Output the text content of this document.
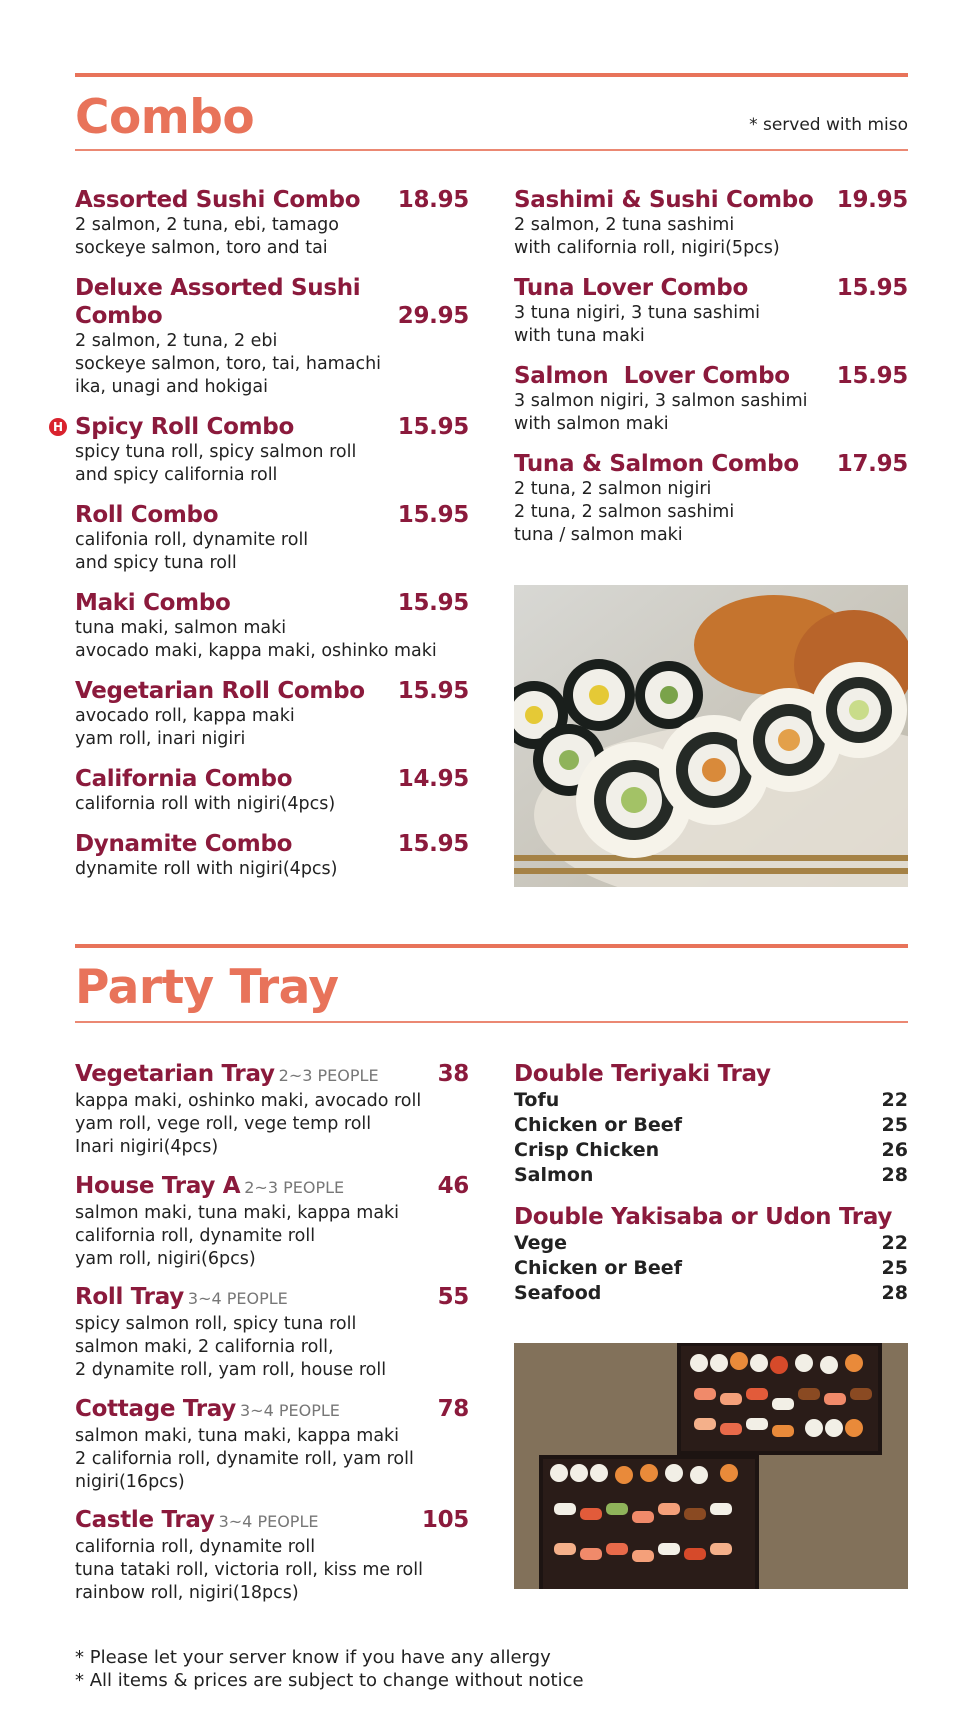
Combo	* served with miso
Assorted Sushi Combo 18.95
2 salmon, 2 tuna, ebi, tamago
sockeye salmon, toro and tai
Deluxe Assorted Sushi
Combo	29.95
2 salmon, 2 tuna, 2 ebi
sockeye salmon, toro, tai, hamachi
ika, unagi and hokigai
H Spicy Roll Combo	15.95
spicy tuna roll, spicy salmon roll
and spicy california roll
Roll Combo	15.95
califonia roll, dynamite roll
and spicy tuna roll
Maki Combo	15.95
tuna maki, salmon maki
avocado maki, kappa maki, oshinko maki
Vegetarian Roll Combo 15.95
avocado roll, kappa maki
yam roll, inari nigiri
California Combo	14.95
california roll with nigiri(4pcs)
Dynamite Combo	15.95
dynamite roll with nigiri(4pcs)
Sashimi & Sushi Combo 19.95
2 salmon, 2 tuna sashimi
with california roll, nigiri(5pcs)
Tuna Lover Combo	15.95
3 tuna nigiri, 3 tuna sashimi
with tuna maki
Salmon  Lover Combo 15.95
3 salmon nigiri, 3 salmon sashimi
with salmon maki
Tuna & Salmon Combo 17.95
2 tuna, 2 salmon nigiri
2 tuna, 2 salmon sashimi
tuna / salmon maki
Party Tray
Vegetarian Tray 2~3 PEOPLE	38
kappa maki, oshinko maki, avocado roll
yam roll, vege roll, vege temp roll
Inari nigiri(4pcs)
House Tray A 2~3 PEOPLE	46
salmon maki, tuna maki, kappa maki
california roll, dynamite roll
yam roll, nigiri(6pcs)
Roll Tray 3~4 PEOPLE	55
spicy salmon roll, spicy tuna roll
salmon maki, 2 california roll,
2 dynamite roll, yam roll, house roll
Cottage Tray 3~4 PEOPLE	78
salmon maki, tuna maki, kappa maki
2 california roll, dynamite roll, yam roll
nigiri(16pcs)
Castle Tray 3~4 PEOPLE	105
california roll, dynamite roll
tuna tataki roll, victoria roll, kiss me roll
rainbow roll, nigiri(18pcs)
Double Teriyaki Tray
Tofu	22
Chicken or Beef	25
Crisp Chicken	26
Salmon	28
Double Yakisaba or Udon Tray
Vege	22
Chicken or Beef	25
Seafood	28
* Please let your server know if you have any allergy
* All items & prices are subject to change without notice
